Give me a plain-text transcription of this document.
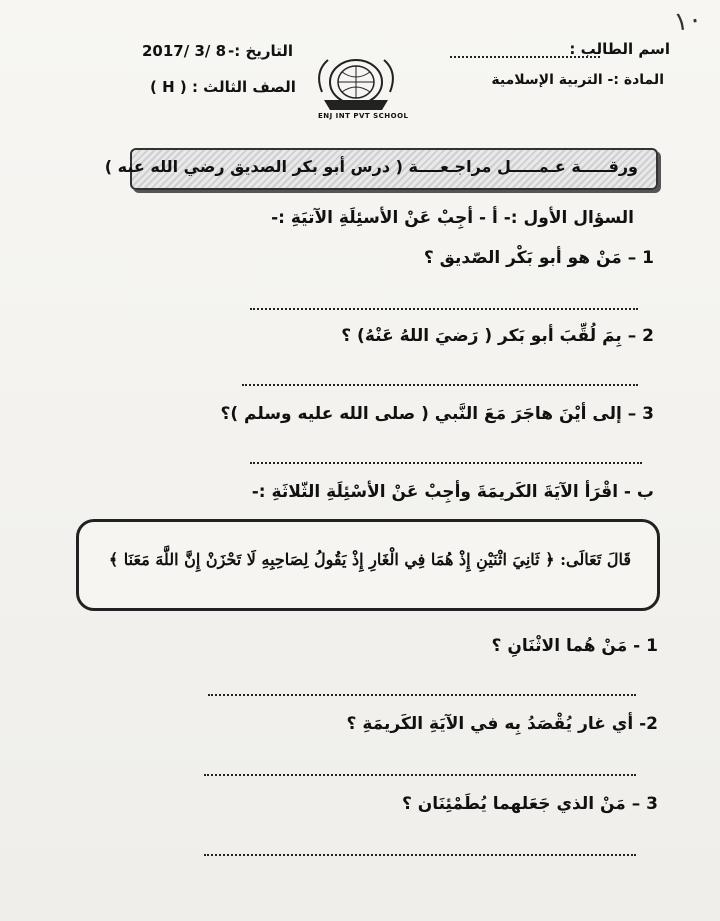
١٠
اسم الطالب :
المادة :- التربية الإسلامية
التاريخ :-
2017/ 3/ 8
الصف الثالث : ( H )
ENJ INT PVT SCHOOL
ورقـــــة عـمـــــل مراجـعــــة ( درس أبو بكر الصديق رضي الله عنه )
السؤال الأول :- أ - أجِبْ عَنْ الأسئِلَةِ الآتيَةِ :-
1 – مَنْ هو أبو بَكْر الصّديق ؟
2 – بِمَ لُقِّبَ أبو بَكر ( رَضيَ اللهُ عَنْهُ) ؟
3 – إلى أيْنَ هاجَرَ مَعَ النَّبي ( صلى الله عليه وسلم )؟
ب - اقْرَأ الآيَةَ الكَريمَةَ وأجِبْ عَنْ الأسْئِلَةِ الثّلاثَةِ :-
قَالَ تَعَالَى: ﴿ ثَانِيَ اثْنَيْنِ إِذْ هُمَا فِي الْغَارِ إِذْ يَقُولُ لِصَاحِبِهِ لَا تَحْزَنْ إِنَّ اللَّهَ مَعَنَا ﴾
1 - مَنْ هُما الاثْنَانِ ؟
2- أي غار يُقْصَدُ بِه في الآيَةِ الكَريمَةِ ؟
3 – مَنْ الذي جَعَلهما يُطَمْئِنَان ؟
